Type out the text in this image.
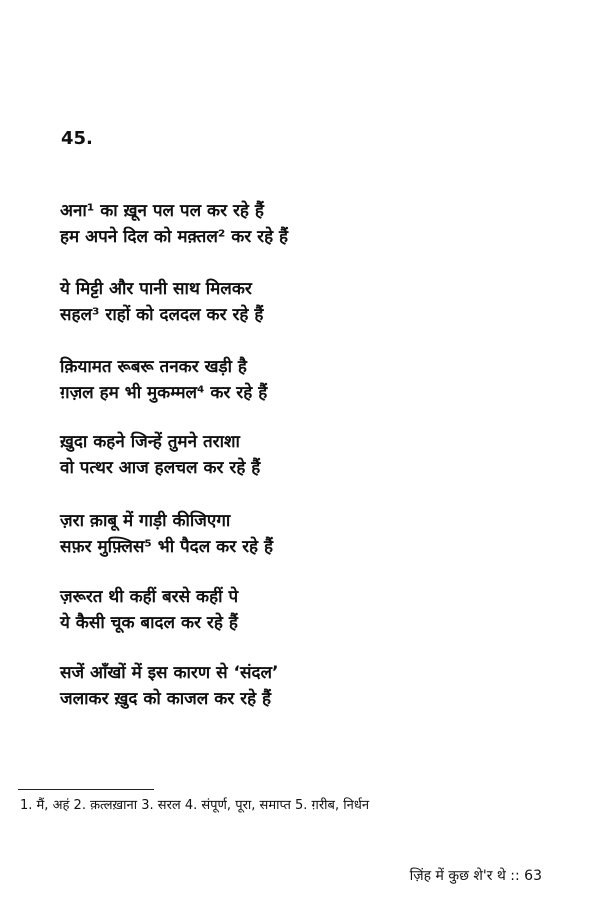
45.
अना¹ का ख़ून पल पल कर रहे हैं
हम अपने दिल को मक़्तल² कर रहे हैं
ये मिट्टी और पानी साथ मिलकर
सहल³ राहों को दलदल कर रहे हैं
क़ियामत रूबरू तनकर खड़ी है
ग़ज़ल हम भी मुकम्मल⁴ कर रहे हैं
ख़ुदा कहने जिन्हें तुमने तराशा
वो पत्थर आज हलचल कर रहे हैं
ज़रा क़ाबू में गाड़ी कीजिएगा
सफ़र मुफ़्लिस⁵ भी पैदल कर रहे हैं
ज़रूरत थी कहीं बरसे कहीं पे
ये कैसी चूक बादल कर रहे हैं
सजें आँखों में इस कारण से ‘संदल’
जलाकर ख़ुद को काजल कर रहे हैं
1. मैं, अहं 2. क़त्लख़ाना 3. सरल 4. संपूर्ण, पूरा, समाप्त 5. ग़रीब, निर्धन
ज़िंह में कुछ शे'र थे :: 63
